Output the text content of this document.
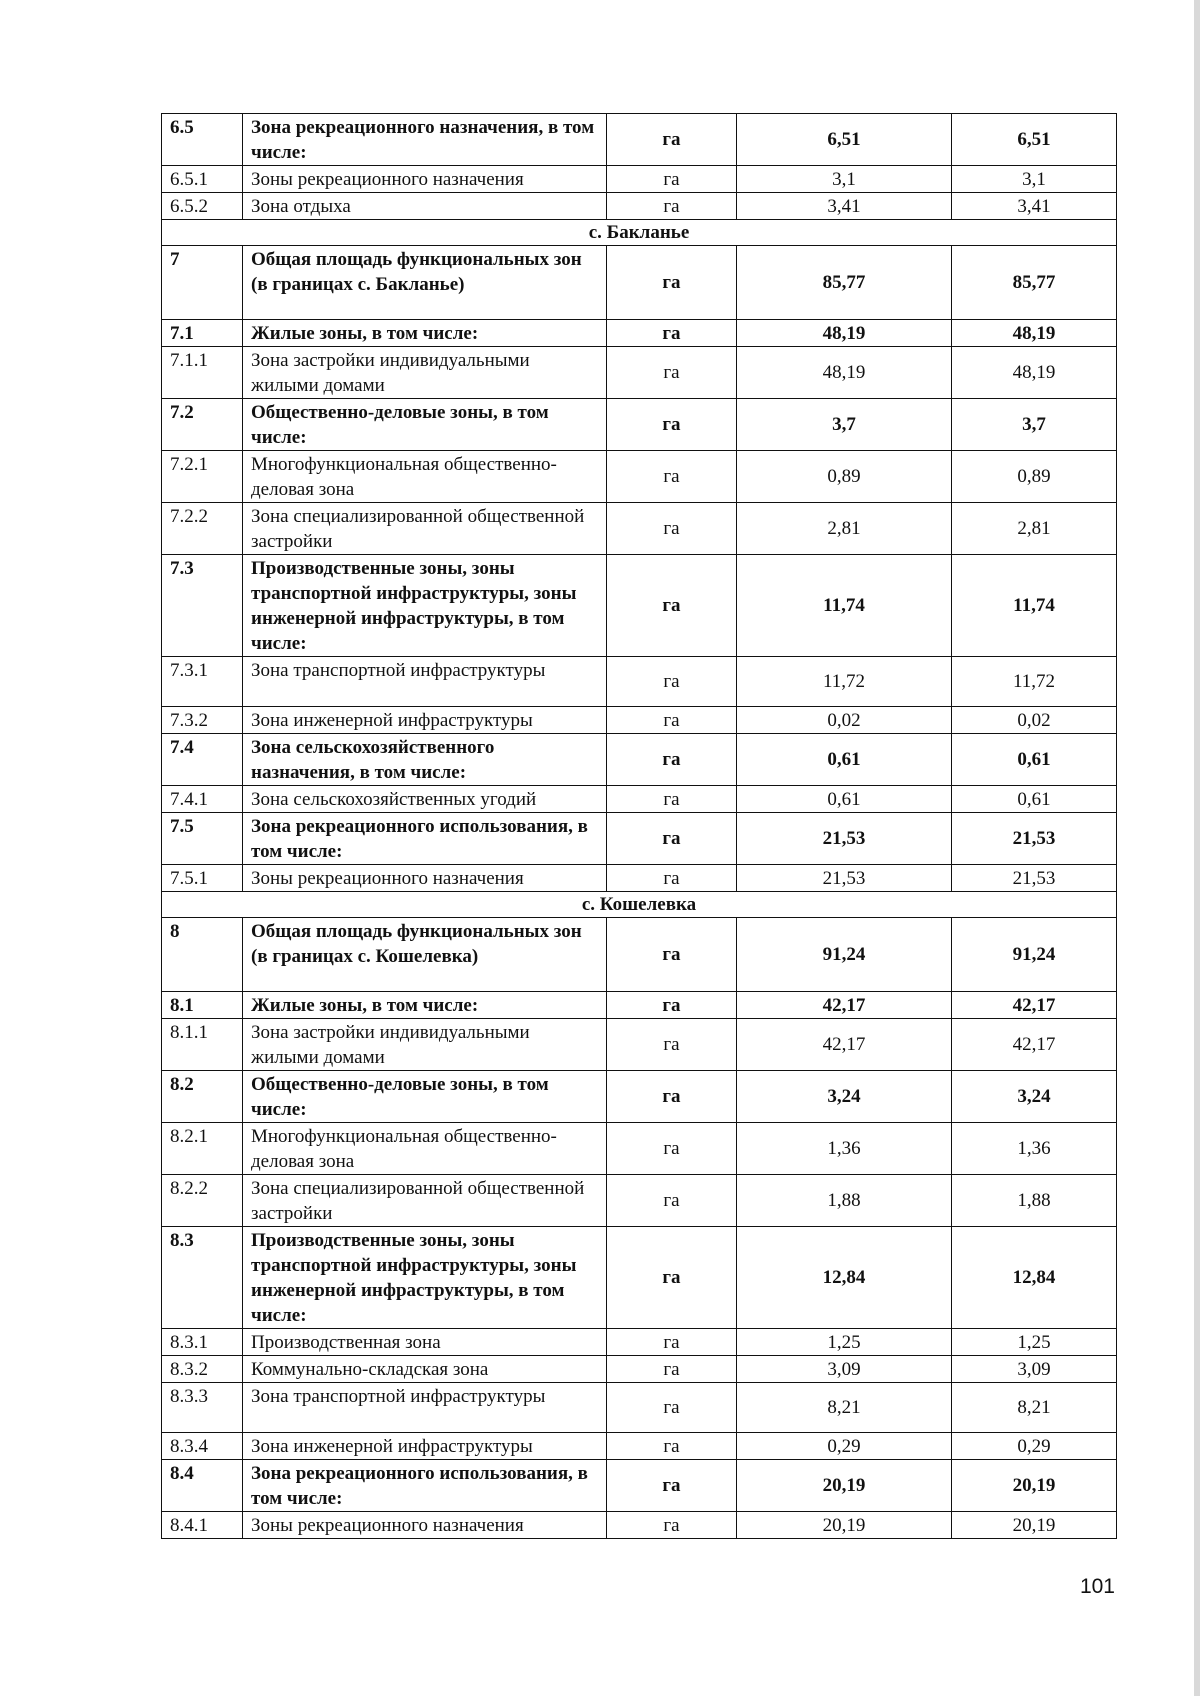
6.5	Зона рекреационного назначения, в том числе:	га	6,51	6,51
6.5.1	Зоны рекреационного назначения	га	3,1	3,1
6.5.2	Зона отдыха	га	3,41	3,41
с. Бакланье				
7	Общая площадь функциональных зон (в границах с. Бакланье)	га	85,77	85,77
7.1	Жилые зоны, в том числе:	га	48,19	48,19
7.1.1	Зона застройки индивидуальными жилыми домами	га	48,19	48,19
7.2	Общественно-деловые зоны, в том числе:	га	3,7	3,7
7.2.1	Многофункциональная общественно-деловая зона	га	0,89	0,89
7.2.2	Зона специализированной общественной застройки	га	2,81	2,81
7.3	Производственные зоны, зоны транспортной инфраструктуры, зоны инженерной инфраструктуры, в том числе:	га	11,74	11,74
7.3.1	Зона транспортной инфраструктуры	га	11,72	11,72
7.3.2	Зона инженерной инфраструктуры	га	0,02	0,02
7.4	Зона сельскохозяйственного назначения, в том числе:	га	0,61	0,61
7.4.1	Зона сельскохозяйственных угодий	га	0,61	0,61
7.5	Зона рекреационного использования, в том числе:	га	21,53	21,53
7.5.1	Зоны рекреационного назначения	га	21,53	21,53
с. Кошелевка				
8	Общая площадь функциональных зон (в границах с. Кошелевка)	га	91,24	91,24
8.1	Жилые зоны, в том числе:	га	42,17	42,17
8.1.1	Зона застройки индивидуальными жилыми домами	га	42,17	42,17
8.2	Общественно-деловые зоны, в том числе:	га	3,24	3,24
8.2.1	Многофункциональная общественно-деловая зона	га	1,36	1,36
8.2.2	Зона специализированной общественной застройки	га	1,88	1,88
8.3	Производственные зоны, зоны транспортной инфраструктуры, зоны инженерной инфраструктуры, в том числе:	га	12,84	12,84
8.3.1	Производственная зона	га	1,25	1,25
8.3.2	Коммунально-складская зона	га	3,09	3,09
8.3.3	Зона транспортной инфраструктуры	га	8,21	8,21
8.3.4	Зона инженерной инфраструктуры	га	0,29	0,29
8.4	Зона рекреационного использования, в том числе:	га	20,19	20,19
8.4.1	Зоны рекреационного назначения	га	20,19	20,19
101
